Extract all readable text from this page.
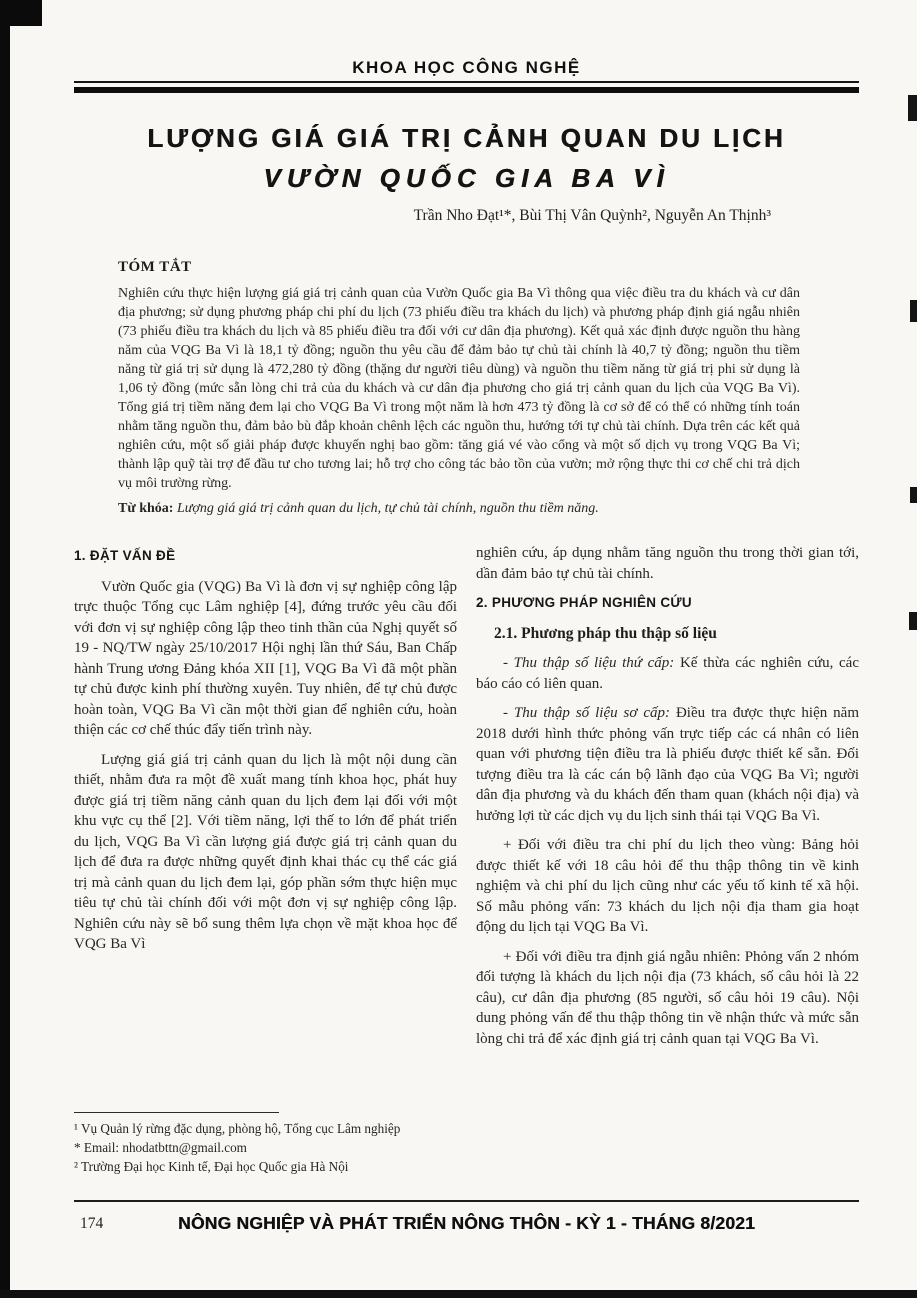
KHOA HỌC CÔNG NGHỆ
LƯỢNG GIÁ GIÁ TRỊ CẢNH QUAN DU LỊCH
VƯỜN QUỐC GIA BA VÌ
Trần Nho Đạt¹*, Bùi Thị Vân Quỳnh², Nguyễn An Thịnh³
TÓM TẮT
Nghiên cứu thực hiện lượng giá giá trị cảnh quan của Vườn Quốc gia Ba Vì thông qua việc điều tra du khách và cư dân địa phương; sử dụng phương pháp chi phí du lịch (73 phiếu điều tra khách du lịch) và phương pháp định giá ngẫu nhiên (73 phiếu điều tra khách du lịch và 85 phiếu điều tra đối với cư dân địa phương). Kết quả xác định được nguồn thu hàng năm của VQG Ba Vì là 18,1 tỷ đồng; nguồn thu yêu cầu để đảm bảo tự chủ tài chính là 40,7 tỷ đồng; nguồn thu tiềm năng từ giá trị sử dụng là 472,280 tỷ đồng (thặng dư người tiêu dùng) và nguồn thu tiềm năng từ giá trị phi sử dụng là 1,06 tỷ đồng (mức sẵn lòng chi trả của du khách và cư dân địa phương cho giá trị cảnh quan du lịch của VQG Ba Vì). Tổng giá trị tiềm năng đem lại cho VQG Ba Vì trong một năm là hơn 473 tỷ đồng là cơ sở để có thể có những tính toán nhằm tăng nguồn thu, đảm bảo bù đắp khoản chênh lệch các nguồn thu, hướng tới tự chủ tài chính. Dựa trên các kết quả nghiên cứu, một số giải pháp được khuyến nghị bao gồm: tăng giá vé vào cổng và một số dịch vụ trong VQG Ba Vì; thành lập quỹ tài trợ để đầu tư cho tương lai; hỗ trợ cho công tác bảo tồn của vườn; mở rộng thực thi cơ chế chi trả dịch vụ môi trường rừng.
Từ khóa: Lượng giá giá trị cảnh quan du lịch, tự chủ tài chính, nguồn thu tiềm năng.
1. ĐẶT VẤN ĐỀ

Vườn Quốc gia (VQG) Ba Vì là đơn vị sự nghiệp công lập trực thuộc Tổng cục Lâm nghiệp [4], đứng trước yêu cầu đối với đơn vị sự nghiệp công lập theo tinh thần của Nghị quyết số 19 - NQ/TW ngày 25/10/2017 Hội nghị lần thứ Sáu, Ban Chấp hành Trung ương Đảng khóa XII [1], VQG Ba Vì đã một phần tự chủ được kinh phí thường xuyên. Tuy nhiên, để tự chủ được hoàn toàn, VQG Ba Vì cần một thời gian để nghiên cứu, hoàn thiện các cơ chế thúc đẩy tiến trình này.

Lượng giá giá trị cảnh quan du lịch là một nội dung cần thiết, nhằm đưa ra một đề xuất mang tính khoa học, phát huy được giá trị tiềm năng cảnh quan du lịch đem lại đối với một khu vực cụ thể [2]. Với tiềm năng, lợi thế to lớn để phát triển du lịch, VQG Ba Vì cần lượng giá được giá trị cảnh quan du lịch để đưa ra được những quyết định khai thác cụ thể các giá trị mà cảnh quan du lịch đem lại, góp phần sớm thực hiện mục tiêu tự chủ tài chính đối với một đơn vị sự nghiệp công lập. Nghiên cứu này sẽ bổ sung thêm lựa chọn về mặt khoa học để VQG Ba Vì

¹ Vụ Quản lý rừng đặc dụng, phòng hộ, Tổng cục Lâm nghiệp
* Email: nhodatbttn@gmail.com
² Trường Đại học Kinh tế, Đại học Quốc gia Hà Nội

nghiên cứu, áp dụng nhằm tăng nguồn thu trong thời gian tới, dần đảm bảo tự chủ tài chính.

2. PHƯƠNG PHÁP NGHIÊN CỨU
2.1. Phương pháp thu thập số liệu

- Thu thập số liệu thứ cấp: Kế thừa các nghiên cứu, các báo cáo có liên quan.

- Thu thập số liệu sơ cấp: Điều tra được thực hiện năm 2018 dưới hình thức phỏng vấn trực tiếp các cá nhân có liên quan với phương tiện điều tra là phiếu được thiết kế sẵn. Đối tượng điều tra là các cán bộ lãnh đạo của VQG Ba Vì; người dân địa phương và du khách đến tham quan (khách nội địa) và hưởng lợi từ các dịch vụ du lịch sinh thái tại VQG Ba Vì.

+ Đối với điều tra chi phí du lịch theo vùng: Bảng hỏi được thiết kế với 18 câu hỏi để thu thập thông tin về kinh nghiệm và chi phí du lịch cũng như các yếu tố kinh tế xã hội. Số mẫu phỏng vấn: 73 khách du lịch nội địa tham gia hoạt động du lịch tại VQG Ba Vì.

+ Đối với điều tra định giá ngẫu nhiên: Phỏng vấn 2 nhóm đối tượng là khách du lịch nội địa (73 khách, số câu hỏi là 22 câu), cư dân địa phương (85 người, số câu hỏi 19 câu). Nội dung phỏng vấn để thu thập thông tin về nhận thức và mức sẵn lòng chi trả để xác định giá trị cảnh quan tại VQG Ba Vì.

174	NÔNG NGHIỆP VÀ PHÁT TRIỂN NÔNG THÔN - KỲ 1 - THÁNG 8/2021
